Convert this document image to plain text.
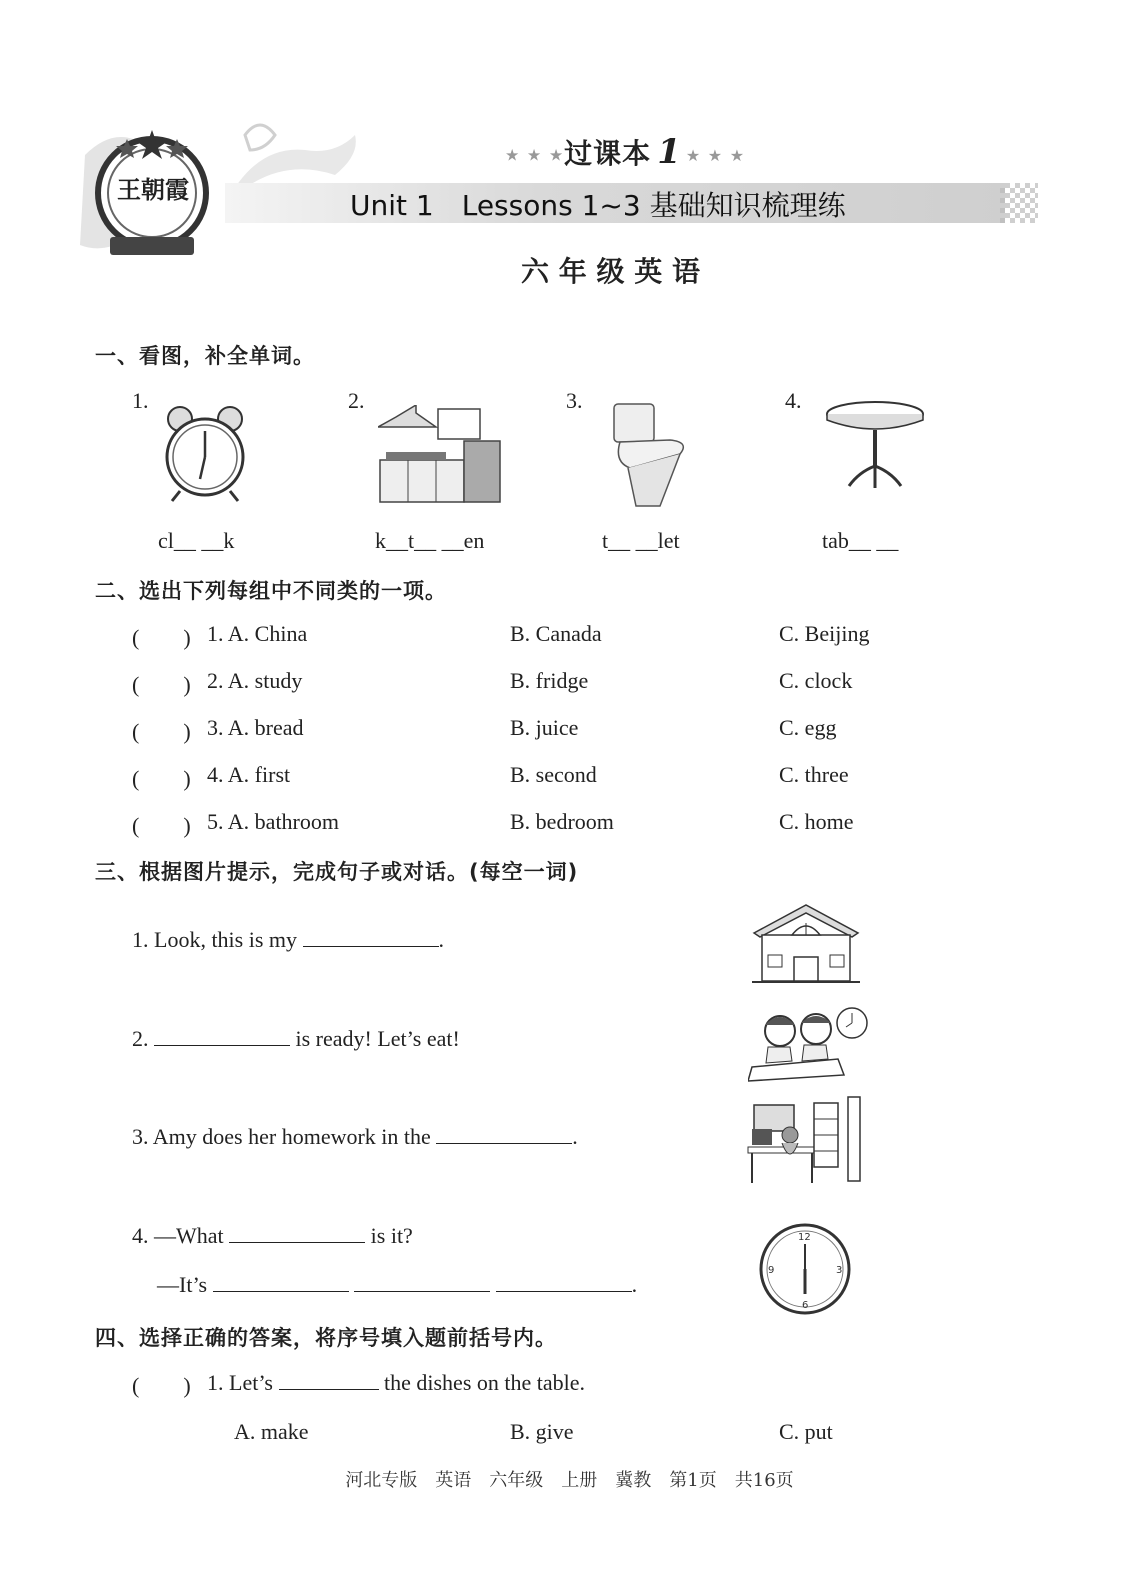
王朝霞
★ ★ ★过课本 1 ★ ★ ★
Unit 1　Lessons 1~3 基础知识梳理练
六 年 级 英 语
一、看图，补全单词。
1.
cl__ __k
2.
k__t__ __en
3.
t__ __let
4.
tab__ __
二、选出下列每组中不同类的一项。
(　　) 1. A. China	B. Canada	C. Beijing
(　　) 2. A. study	B. fridge	C. clock
(　　) 3. A. bread	B. juice	C. egg
(　　) 4. A. first	B. second	C. three
(　　) 5. A. bathroom	B. bedroom	C. home
三、根据图片提示，完成句子或对话。(每空一词)
1. Look, this is my	.
2.	is ready! Let’s eat!
3. Amy does her homework in the	.
4. —What	is it?
—It’s	.
12
3
6
9
四、选择正确的答案，将序号填入题前括号内。
(　　) 1. Let’s	the dishes on the table.
A. make	B. give	C. put
河北专版　英语　六年级　上册　冀教　第1页　共16页
